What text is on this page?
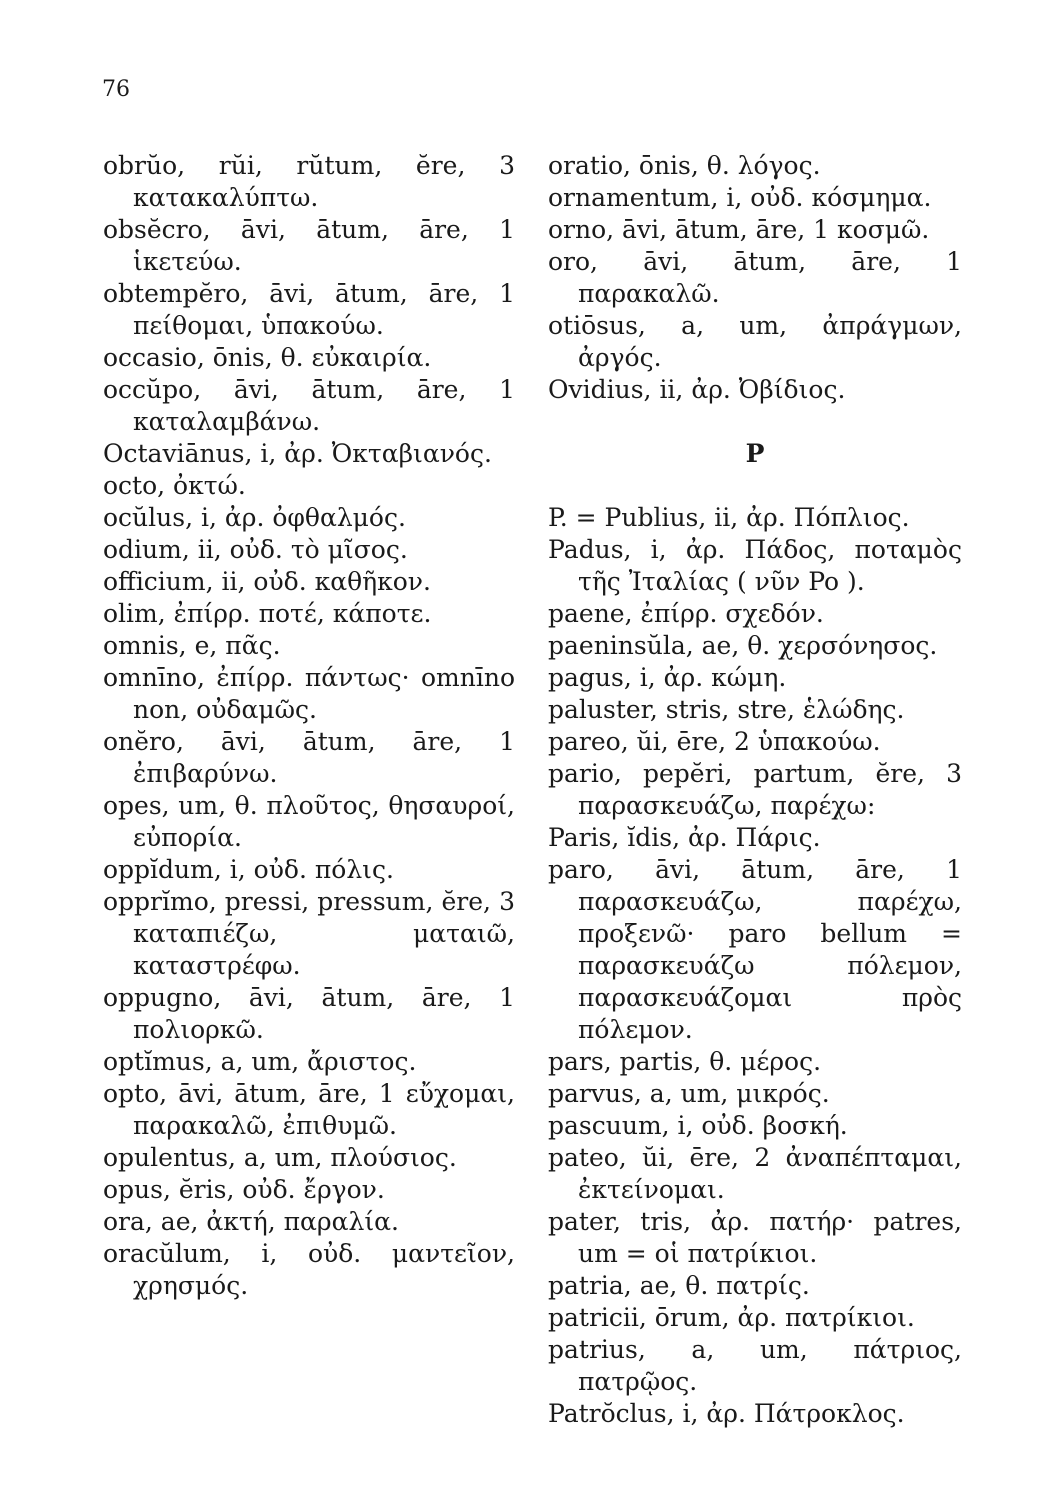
76
obrŭo, rŭi, rŭtum, ĕre, 3 κατακαλύπτω.
obsĕcro, āvi, ātum, āre, 1 ἱκετεύω.
obtempĕro, āvi, ātum, āre, 1 πείθομαι, ὑπακούω.
occasio, ōnis, θ. εὐκαιρία.
occŭpo, āvi, ātum, āre, 1 καταλαμβάνω.
Octaviānus, i, ἀρ. Ὀκταβιανός.
octo, ὀκτώ.
ocŭlus, i, ἀρ. ὀφθαλμός.
odium, ii, οὐδ. τὸ μῖσος.
officium, ii, οὐδ. καθῆκον.
olim, ἐπίρρ. ποτέ, κάποτε.
omnis, e, πᾶς.
omnīno, ἐπίρρ. πάντως· omnīno non, οὐδαμῶς.
onĕro, āvi, ātum, āre, 1 ἐπιβαρύνω.
opes, um, θ. πλοῦτος, θησαυροί, εὐπορία.
oppĭdum, i, οὐδ. πόλις.
opprĭmo, pressi, pressum, ĕre, 3 καταπιέζω, ματαιῶ, καταστρέφω.
oppugno, āvi, ātum, āre, 1 πολιορκῶ.
optĭmus, a, um, ἄριστος.
opto, āvi, ātum, āre, 1 εὔχομαι, παρακαλῶ, ἐπιθυμῶ.
opulentus, a, um, πλούσιος.
opus, ĕris, οὐδ. ἔργον.
ora, ae, ἀκτή, παραλία.
oracŭlum, i, οὐδ. μαντεῖον, χρησμός.
oratio, ōnis, θ. λόγος.
ornamentum, i, οὐδ. κόσμημα.
orno, āvi, ātum, āre, 1 κοσμῶ.
oro, āvi, ātum, āre, 1 παρακαλῶ.
otiōsus, a, um, ἀπράγμων, ἀργός.
Ovidius, ii, ἀρ. Ὀβίδιος.
P
P. = Publius, ii, ἀρ. Πόπλιος.
Padus, i, ἀρ. Πάδος, ποταμὸς τῆς Ἰταλίας ( νῦν Po ).
paene, ἐπίρρ. σχεδόν.
paeninsŭla, ae, θ. χερσόνησος.
pagus, i, ἀρ. κώμη.
paluster, stris, stre, ἑλώδης.
pareo, ŭi, ēre, 2 ὑπακούω.
pario, pepĕri, partum, ĕre, 3 παρασκευάζω, παρέχω:
Paris, ĭdis, ἀρ. Πάρις.
paro, āvi, ātum, āre, 1 παρασκευάζω, παρέχω, προξενῶ· paro bellum = παρασκευάζω πόλεμον, παρασκευάζομαι πρὸς πόλεμον.
pars, partis, θ. μέρος.
parvus, a, um, μικρός.
pascuum, i, οὐδ. βοσκή.
pateo, ŭi, ēre, 2 ἀναπέπταμαι, ἐκτείνομαι.
pater, tris, ἀρ. πατήρ· patres, um = οἱ πατρίκιοι.
patria, ae, θ. πατρίς.
patricii, ōrum, ἀρ. πατρίκιοι.
patrius, a, um, πάτριος, πατρῷος.
Patrŏclus, i, ἀρ. Πάτροκλος.
